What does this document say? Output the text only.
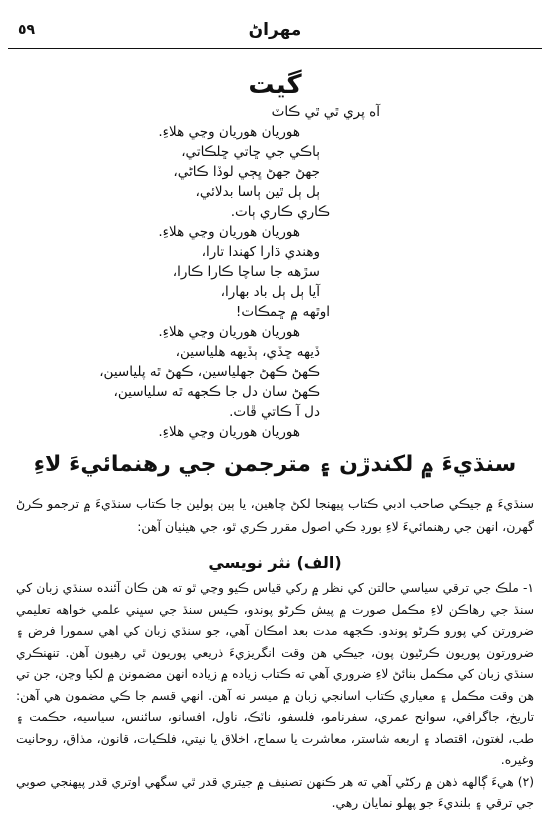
مهراڻ
٥٩
گيت
آه پري ٿي ٿي ڪاٽ
هوريان هوريان وڃي هلاءِ.
ٻاڪي جي ڇاتي ڇلڪاتي،
جهڻ جهڻ ڀڄي لوڏا ڪاڻي،
ٻل ٻل ٿين ٻاسا بدلائي،
ڪاري ڪاري ٻات.
هوريان هوريان وڃي هلاءِ.
وهندي ڌارا کهندا تارا،
سڙهه جا ساچا ڪارا ڪارا،
آيا ٻل ٻل باد بهارا،
اوٿهه ۾ ڇمڪات!
هوريان هوريان وڃي هلاءِ.
ڏيهه ڇڏي، ٻڏيهه هلياسين،
ڪهڻ ڪهڻ جهلياسين، ڪهڻ ٿه پلياسين،
ڪهڻ سان دل جا ڪجهه ٿه سلياسين،
دل آ ڪاتي ڦات.
هوريان هوريان وڃي هلاءِ.
سنڌيءَ ۾ لکندڙن ۽ مترجمن جي رهنمائيءَ لاءِ

سنڌيءَ ۾ جيڪي صاحب ادبي ڪتاب پيهنجا لکڻ چاهين، يا ٻين ٻولين جا ڪتاب سنڌيءَ ۾ ترجمو ڪرڻ گهرن، انهن جي رهنمائيءَ لاءِ بورڊ ڪي اصول مقرر ڪري ٿو، جي هيٺيان آهن:

(الف) نثر نويسي

١- ملڪ جي ترقي سياسي حالتن کي نظر ۾ رکي قياس ڪيو وڃي ٿو ته هن ڪان آئنده سنڌي زبان کي سنڌ جي رهاڪن لاءِ مڪمل صورت ۾ پيش ڪرڻو پوندو، ڪيس سنڌ جي سڀني علمي خواهه تعليمي ضرورتن کي پورو ڪرڻو پوندو. ڪجهه مدت بعد امڪان آهي، جو سنڌي زبان کي اهي سمورا فرض ۽ ضرورتون پوريون ڪرڻيون پون، جيڪي هن وقت انگريزيءَ ذريعي پوريون ٿي رهيون آهن. تنهنڪري سنڌي زبان کي مڪمل بنائڻ لاءِ ضروري آهي ته ڪتاب زياده ۾ زياده انهن مضمونن ۾ لکيا وڃن، جن تي هن وقت مڪمل ۽ معياري ڪتاب اسانجي زبان ۾ ميسر نه آهن. انهي قسم جا ڪي مضمون هي آهن: تاريخ، جاگرافي، سوانح عمري، سفرنامو، فلسفو، ناٽڪ، ناول، افسانو، سائنس، سياسيه، حڪمت ۽ طب، لغتون، اقتصاد ۽ اربعه شاستر، معاشرت يا سماج، اخلاق يا نيتي، فلڪيات، قانون، مذاق، روحانيت وغيره.

(٢) هيءَ ڳالهه ذهن ۾ رکڻي آهي ته هر ڪنهن تصنيف ۾ جيتري قدر ٿي سگهي اوتري قدر پيهنجي صوبي جي ترقي ۽ بلنديءَ جو پهلو نمايان رهي.
